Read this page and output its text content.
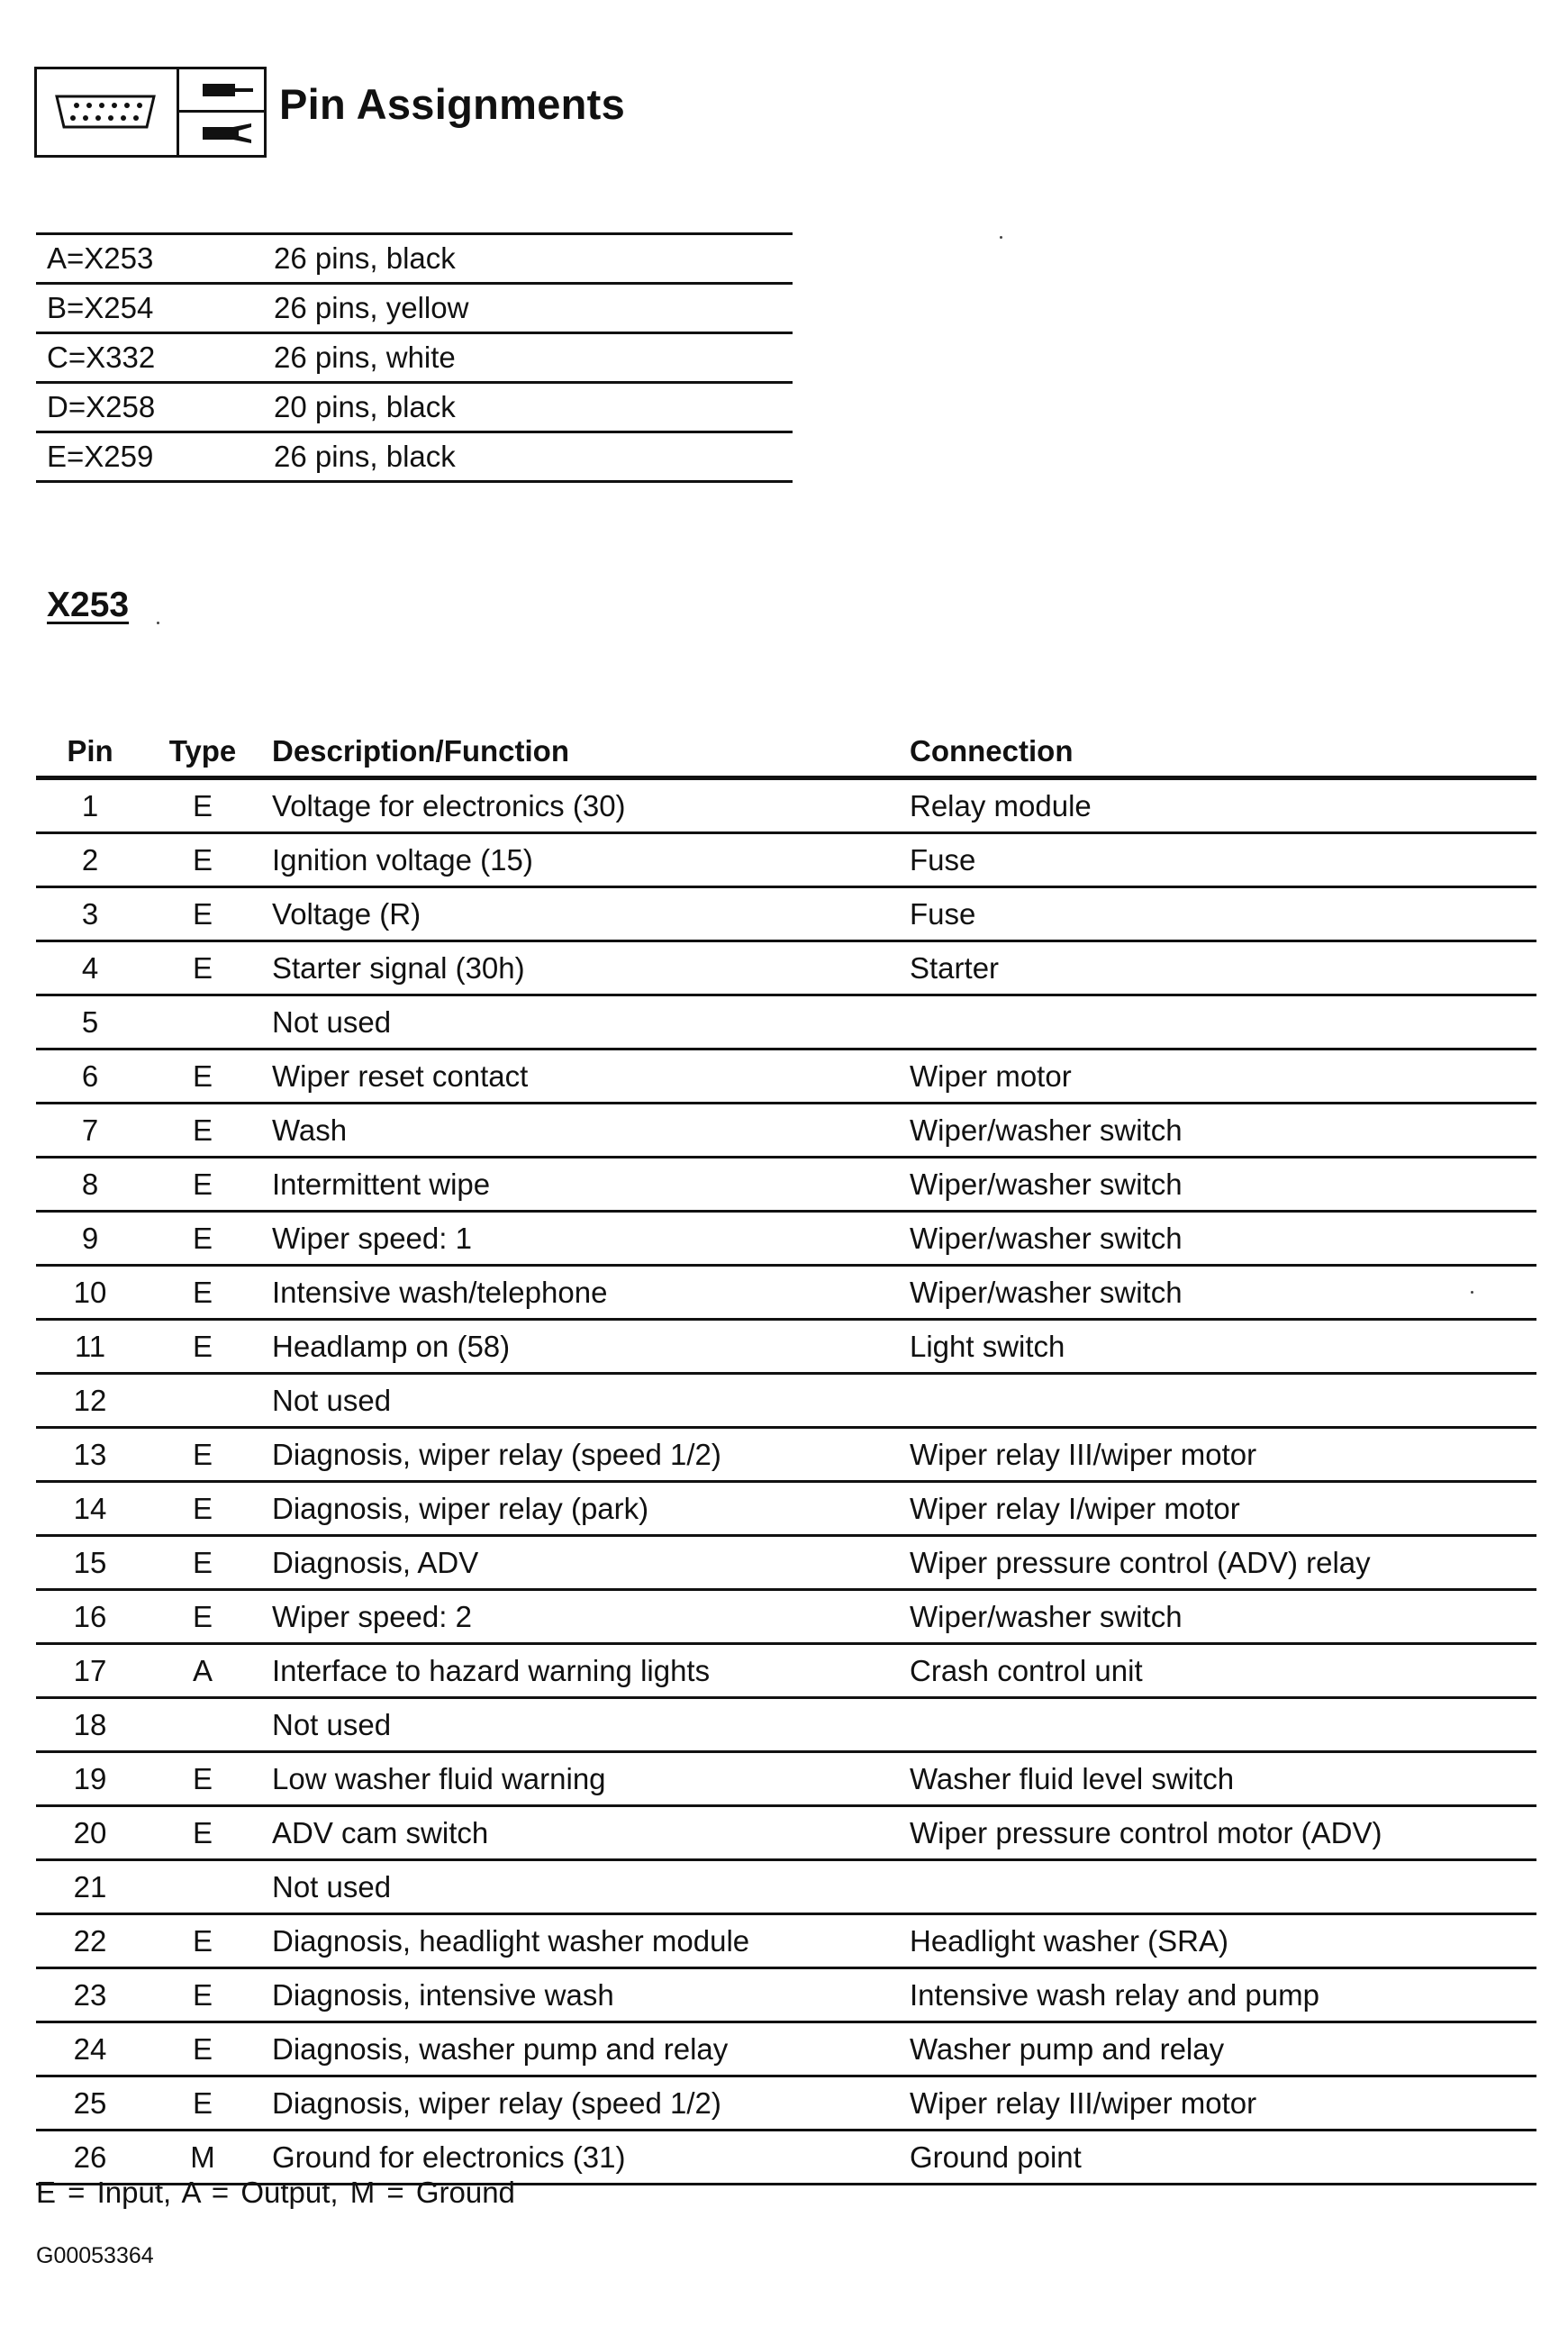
Pin Assignments
A=X253	26 pins, black
B=X254	26 pins, yellow
C=X332	26 pins, white
D=X258	20 pins, black
E=X259	26 pins, black
X253
Pin	Type	Description/Function	Connection
1	E	Voltage for electronics (30)	Relay module
2	E	Ignition voltage (15)	Fuse
3	E	Voltage (R)	Fuse
4	E	Starter signal (30h)	Starter
5		Not used	
6	E	Wiper reset contact	Wiper motor
7	E	Wash	Wiper/washer switch
8	E	Intermittent wipe	Wiper/washer switch
9	E	Wiper speed: 1	Wiper/washer switch
10	E	Intensive wash/telephone	Wiper/washer switch
11	E	Headlamp on (58)	Light switch
12		Not used	
13	E	Diagnosis, wiper relay (speed 1/2)	Wiper relay III/wiper motor
14	E	Diagnosis, wiper relay (park)	Wiper relay I/wiper motor
15	E	Diagnosis, ADV	Wiper pressure control (ADV) relay
16	E	Wiper speed: 2	Wiper/washer switch
17	A	Interface to hazard warning lights	Crash control unit
18		Not used	
19	E	Low washer fluid warning	Washer fluid level switch
20	E	ADV cam switch	Wiper pressure control motor (ADV)
21		Not used	
22	E	Diagnosis, headlight washer module	Headlight washer (SRA)
23	E	Diagnosis, intensive wash	Intensive wash relay and pump
24	E	Diagnosis, washer pump and relay	Washer pump and relay
25	E	Diagnosis, wiper relay (speed 1/2)	Wiper relay III/wiper motor
26	M	Ground for electronics (31)	Ground point
E = Input, A = Output, M = Ground
G00053364
